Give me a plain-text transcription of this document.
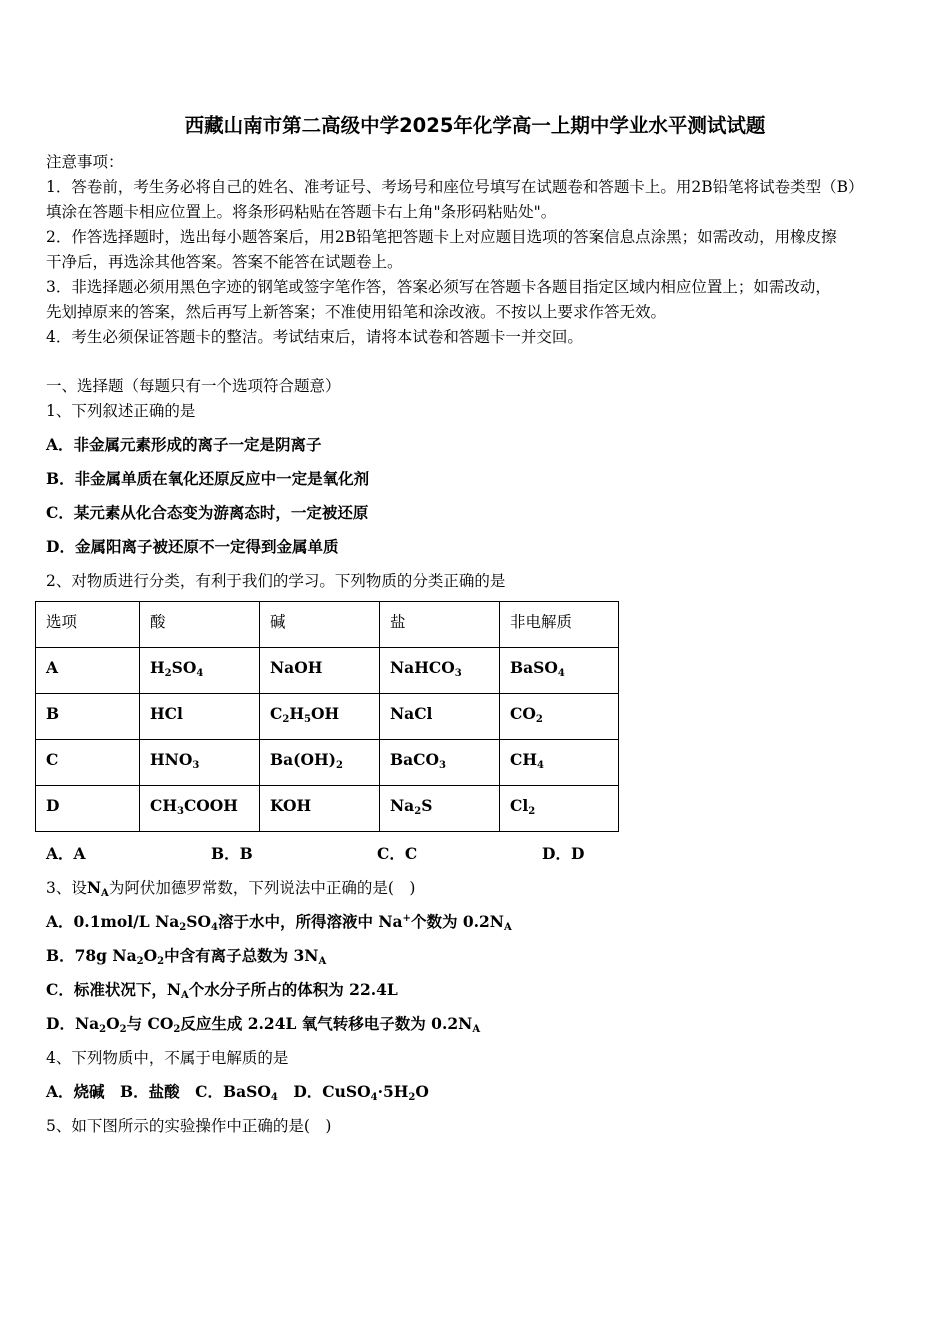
西藏山南市第二高级中学2025年化学高一上期中学业水平测试试题
注意事项：
1．答卷前，考生务必将自己的姓名、准考证号、考场号和座位号填写在试题卷和答题卡上。用2B铅笔将试卷类型（B）
填涂在答题卡相应位置上。将条形码粘贴在答题卡右上角"条形码粘贴处"。
2．作答选择题时，选出每小题答案后，用2B铅笔把答题卡上对应题目选项的答案信息点涂黑；如需改动，用橡皮擦
干净后，再选涂其他答案。答案不能答在试题卷上。
3．非选择题必须用黑色字迹的钢笔或签字笔作答，答案必须写在答题卡各题目指定区域内相应位置上；如需改动，
先划掉原来的答案，然后再写上新答案；不准使用铅笔和涂改液。不按以上要求作答无效。
4．考生必须保证答题卡的整洁。考试结束后，请将本试卷和答题卡一并交回。
一、选择题（每题只有一个选项符合题意）
1、下列叙述正确的是
A．非金属元素形成的离子一定是阴离子
B．非金属单质在氧化还原反应中一定是氧化剂
C．某元素从化合态变为游离态时，一定被还原
D．金属阳离子被还原不一定得到金属单质
2、对物质进行分类，有利于我们的学习。下列物质的分类正确的是
选项	酸	碱	盐	非电解质
A	$H_2SO_4$	NaOH	NaHCO$_3$	BaSO$_4$
B	HCl	$C_2H_5OH$	NaCl	$CO_2$
C	$HNO_3$	$Ba(OH)_2$	BaCO$_3$	$CH_4$
D	$CH_3COOH$	KOH	$Na_2S$	$Cl_2$
A．A	B．B	C．C	D．D
3、设$N_A$为阿伏加德罗常数，下列说法中正确的是(　)
A．0.1mol/L $Na_2SO_4$溶于水中，所得溶液中 Na+个数为 $0.2N_A$
B．78g $Na_2O_2$中含有离子总数为 $3N_A$
C．标准状况下，$N_A$个水分子所占的体积为 22.4L
D．$Na_2O_2$与 $CO_2$反应生成 2.24L 氧气转移电子数为 $0.2N_A$
4、下列物质中，不属于电解质的是
A．烧碱　 B．盐酸　 C．BaSO$_4$　 D．$CuSO_4\cdot 5H_2O$
5、如下图所示的实验操作中正确的是(　)
